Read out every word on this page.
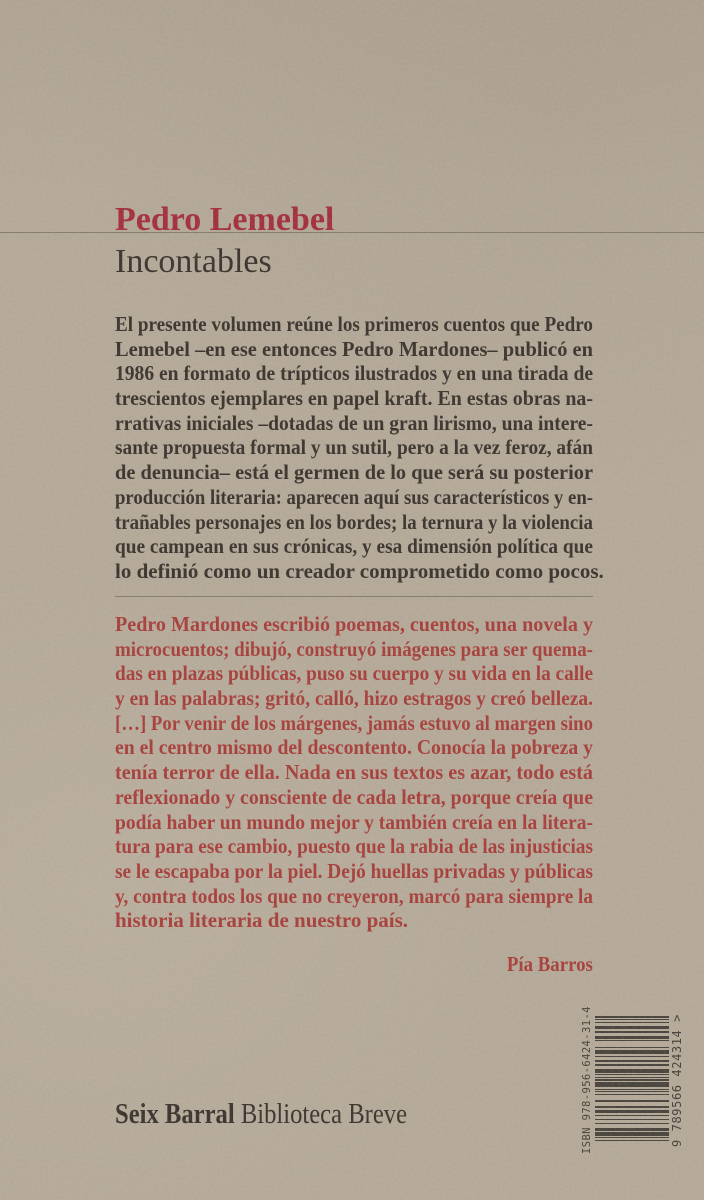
Pedro Lemebel
Incontables
El presente volumen reúne los primeros cuentos que Pedro
Lemebel –en ese entonces Pedro Mardones– publicó en
1986 en formato de trípticos ilustrados y en una tirada de
trescientos ejemplares en papel kraft. En estas obras na-
rrativas iniciales –dotadas de un gran lirismo, una intere-
sante propuesta formal y un sutil, pero a la vez feroz, afán
de denuncia– está el germen de lo que será su posterior
producción literaria: aparecen aquí sus característicos y en-
trañables personajes en los bordes; la ternura y la violencia
que campean en sus crónicas, y esa dimensión política que
lo definió como un creador comprometido como pocos.
Pedro Mardones escribió poemas, cuentos, una novela y
microcuentos; dibujó, construyó imágenes para ser quema-
das en plazas públicas, puso su cuerpo y su vida en la calle
y en las palabras; gritó, calló, hizo estragos y creó belleza.
[…] Por venir de los márgenes, jamás estuvo al margen sino
en el centro mismo del descontento. Conocía la pobreza y
tenía terror de ella. Nada en sus textos es azar, todo está
reflexionado y consciente de cada letra, porque creía que
podía haber un mundo mejor y también creía en la litera-
tura para ese cambio, puesto que la rabia de las injusticias
se le escapaba por la piel. Dejó huellas privadas y públicas
y, contra todos los que no creyeron, marcó para siempre la
historia literaria de nuestro país.
Pía Barros
ISBN 978-956-6424-31-4	9 789566 424314 >
Seix Barral Biblioteca Breve
